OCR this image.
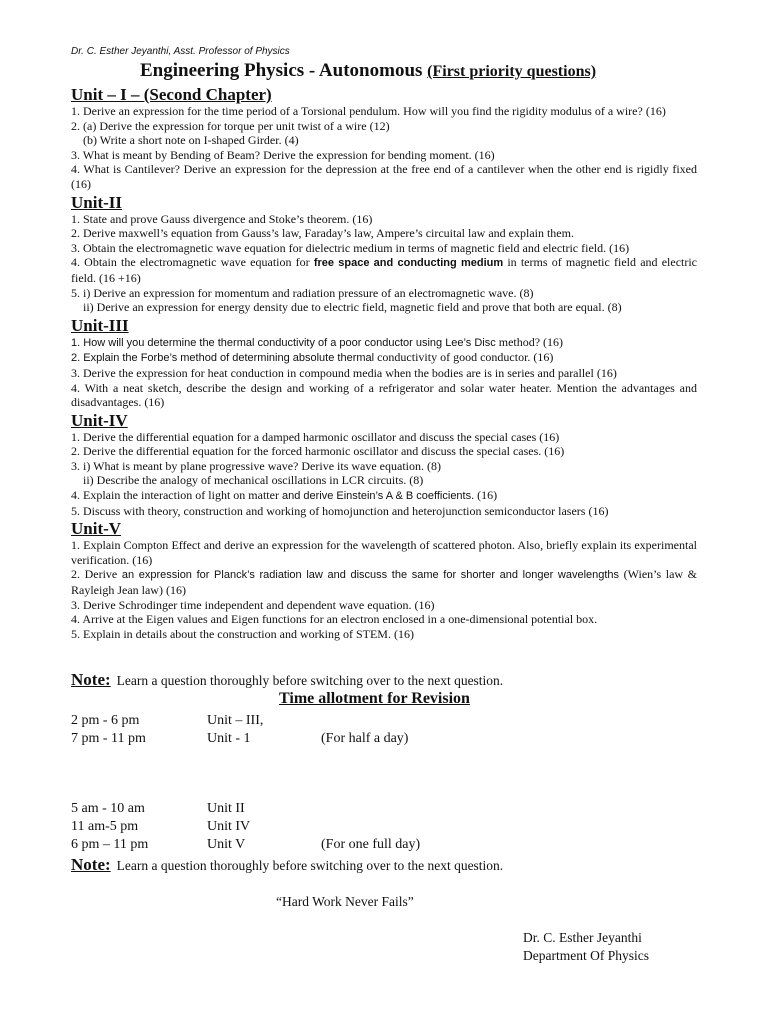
Dr. C. Esther Jeyanthi, Asst. Professor of Physics
Engineering Physics - Autonomous (First priority questions)
Unit – I – (Second Chapter)

1. Derive an expression for the time period of a Torsional pendulum. How will you find the rigidity modulus of a wire? (16)

2. (a) Derive the expression for torque per unit twist of a wire (12)

(b) Write a short note on I-shaped Girder. (4)

3. What is meant by Bending of Beam? Derive the expression for bending moment. (16)

4. What is Cantilever? Derive an expression for the depression at the free end of a cantilever when the other end is rigidly fixed (16)

Unit-II

1. State and prove Gauss divergence and Stoke’s theorem. (16)

2. Derive maxwell’s equation from Gauss’s law, Faraday’s law, Ampere’s circuital law and explain them.

3. Obtain the electromagnetic wave equation for dielectric medium in terms of magnetic field and electric field. (16)

4. Obtain the electromagnetic wave equation for free space and conducting medium in terms of magnetic field and electric field. (16 +16)

5. i) Derive an expression for momentum and radiation pressure of an electromagnetic wave. (8)

ii) Derive an expression for energy density due to electric field, magnetic field and prove that both are equal. (8)

Unit-III

1. How will you determine the thermal conductivity of a poor conductor using Lee’s Disc method? (16)

2. Explain the Forbe’s method of determining absolute thermal conductivity of good conductor. (16)

3. Derive the expression for heat conduction in compound media when the bodies are is in series and parallel (16)

4. With a neat sketch, describe the design and working of a refrigerator and solar water heater. Mention the advantages and disadvantages. (16)

Unit-IV

1. Derive the differential equation for a damped harmonic oscillator and discuss the special cases (16)

2. Derive the differential equation for the forced harmonic oscillator and discuss the special cases. (16)

3. i) What is meant by plane progressive wave? Derive its wave equation. (8)

ii) Describe the analogy of mechanical oscillations in LCR circuits. (8)

4. Explain the interaction of light on matter and derive Einstein’s A & B coefficients. (16)

5. Discuss with theory, construction and working of homojunction and heterojunction semiconductor lasers (16)

Unit-V

1. Explain Compton Effect and derive an expression for the wavelength of scattered photon. Also, briefly explain its experimental verification. (16)

2. Derive an expression for Planck’s radiation law and discuss the same for shorter and longer wavelengths (Wien’s law & Rayleigh Jean law) (16)

3. Derive Schrodinger time independent and dependent wave equation. (16)

4. Arrive at the Eigen values and Eigen functions for an electron enclosed in a one-dimensional potential box.

5. Explain in details about the construction and working of STEM. (16)

Note: Learn a question thoroughly before switching over to the next question.
Time allotment for Revision
2 pm - 6 pm	Unit – III,
7 pm - 11 pm	Unit - 1	(For half a day)
5 am - 10 am	Unit II
11 am-5 pm	Unit IV
6 pm – 11 pm	Unit V	(For one full day)
Note: Learn a question thoroughly before switching over to the next question.
“Hard Work Never Fails”
Dr. C. Esther Jeyanthi
Department Of Physics
